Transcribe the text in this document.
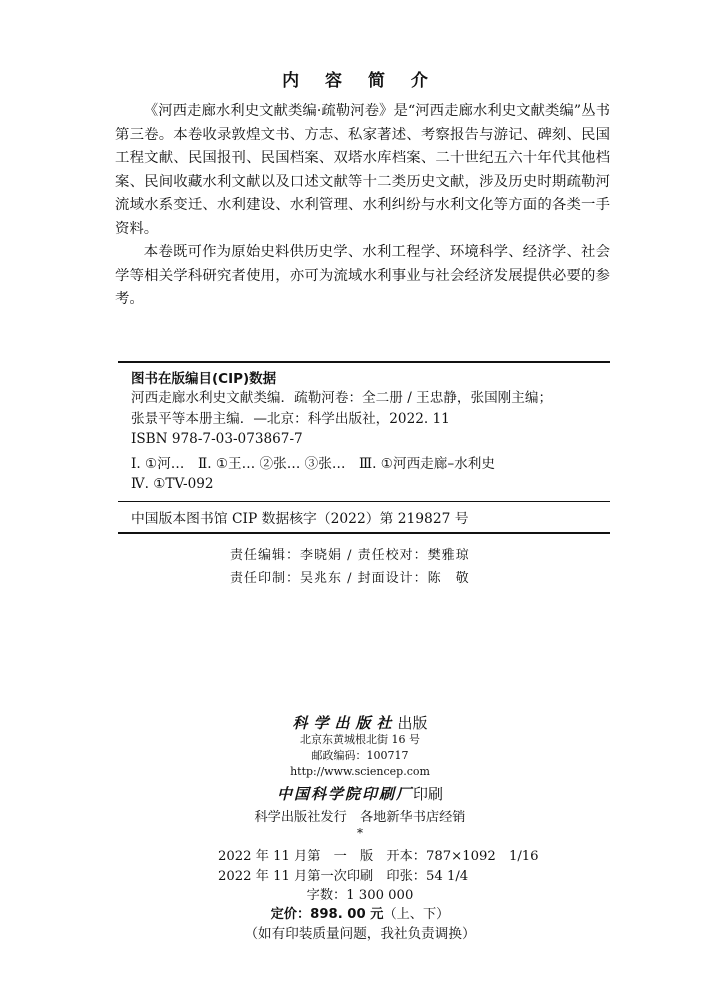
内 容 简 介

《河西走廊水利史文献类编·疏勒河卷》是“河西走廊水利史文献类编”丛书第三卷。本卷收录敦煌文书、方志、私家著述、考察报告与游记、碑刻、民国工程文献、民国报刊、民国档案、双塔水库档案、二十世纪五六十年代其他档案、民间收藏水利文献以及口述文献等十二类历史文献，涉及历史时期疏勒河流域水系变迁、水利建设、水利管理、水利纠纷与水利文化等方面的各类一手资料。

本卷既可作为原始史料供历史学、水利工程学、环境科学、经济学、社会学等相关学科研究者使用，亦可为流域水利事业与社会经济发展提供必要的参考。

图书在版编目(CIP)数据
河西走廊水利史文献类编．疏勒河卷：全二册 / 王忠静，张国刚主编；
张景平等本册主编．—北京：科学出版社，2022. 11
ISBN 978-7-03-073867-7
Ⅰ. ①河…　Ⅱ. ①王… ②张… ③张…　Ⅲ. ①河西走廊–水利史
Ⅳ. ①TV-092
中国版本图书馆 CIP 数据核字（2022）第 219827 号
责任编辑：李晓娟 / 责任校对：樊雅琼
责任印制：吴兆东 / 封面设计：陈　敬
科学出版社出版
北京东黄城根北街 16 号
邮政编码：100717
http://www.sciencep.com
中国科学院印刷厂印刷
科学出版社发行　各地新华书店经销
*
2022 年 11 月第　一　版　开本：787×1092　1/16
2022 年 11 月第一次印刷　印张：54 1/4
字数：1 300 000
定价：898. 00 元（上、下）
（如有印装质量问题，我社负责调换）
